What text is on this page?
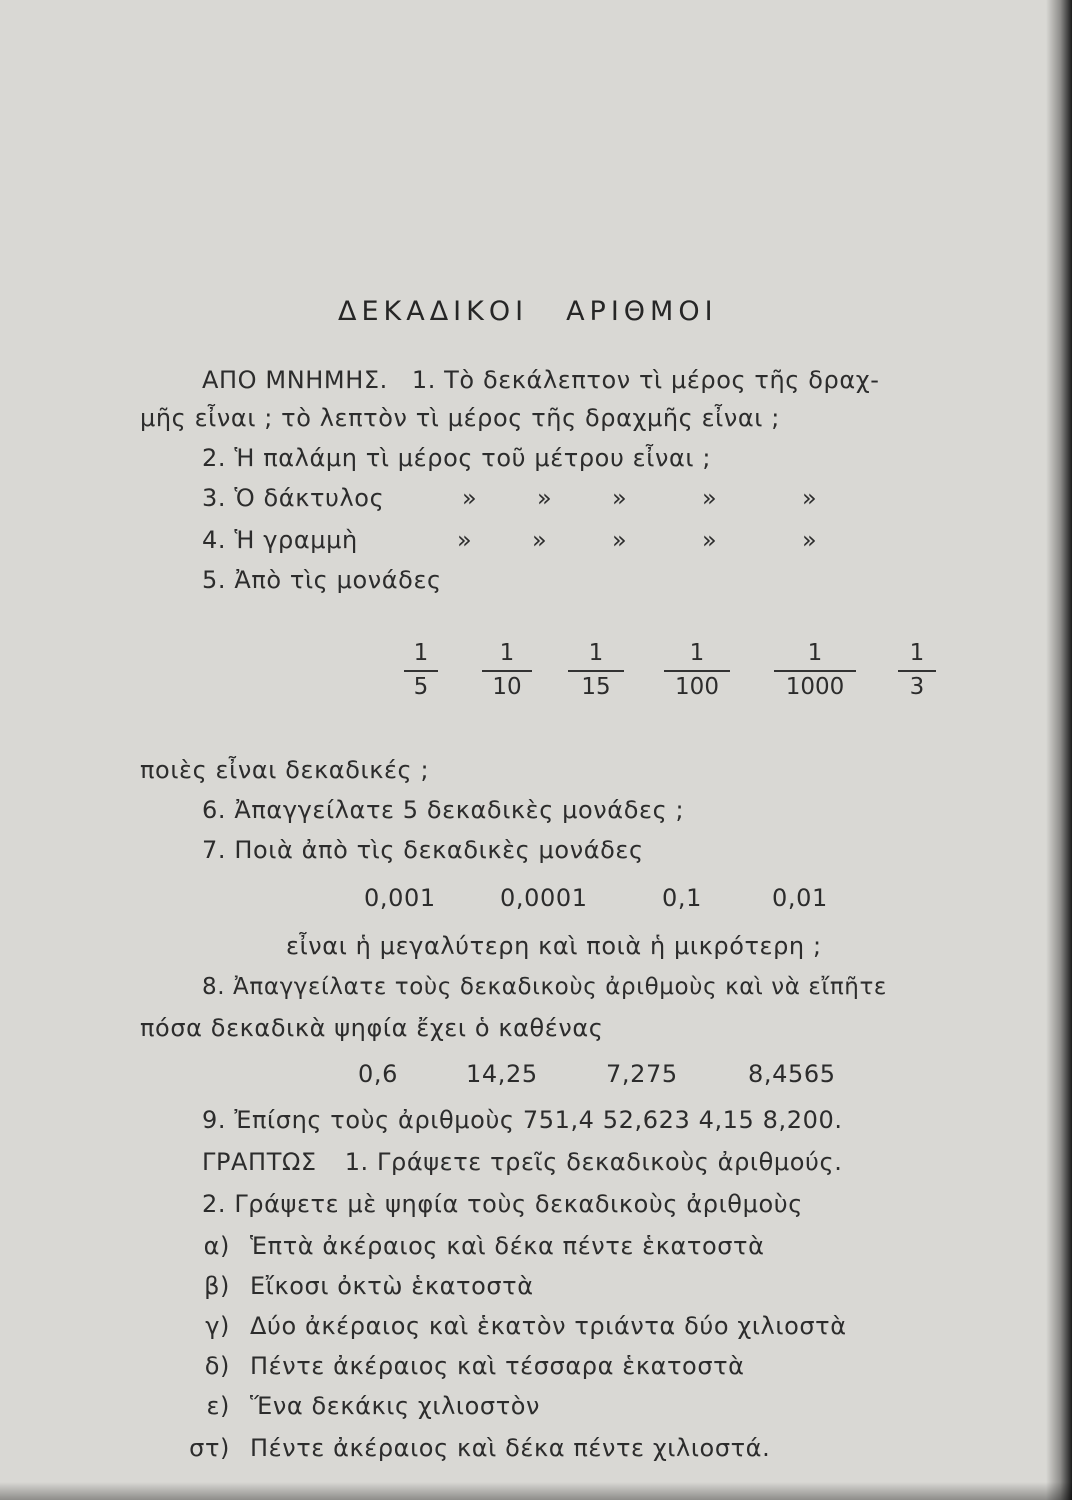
ΔΕΚΑΔΙΚΟΙ ΑΡΙΘΜΟΙ
ΑΠΟ ΜΝΗΜΗΣ. 1. Τὸ δεκάλεπτον τὶ μέρος τῆς δραχ-
μῆς εἶναι ; τὸ λεπτὸν τὶ μέρος τῆς δραχμῆς εἶναι ;
2. Ἡ παλάμη τὶ μέρος τοῦ μέτρου εἶναι ;
3. Ὁ δάκτυλος	» » »	»	»
4. Ἡ γραμμὴ	» »	»	»	»
5. Ἀπὸ τὶς μονάδες
1
5
1
10
1
15
1
100
1
1000
1
3
ποιὲς εἶναι δεκαδικές ;
6. Ἀπαγγείλατε 5 δεκαδικὲς μονάδες ;
7. Ποιὰ ἀπὸ τὶς δεκαδικὲς μονάδες
0,001	0,0001	0,1	0,01
εἶναι ἡ μεγαλύτερη καὶ ποιὰ ἡ μικρότερη ;
8. Ἀπαγγείλατε τοὺς δεκαδικοὺς ἀριθμοὺς καὶ νὰ εἴπῆτε
πόσα δεκαδικὰ ψηφία ἔχει ὁ καθένας
0,6	14,25	7,275	8,4565
9. Ἐπίσης τοὺς ἀριθμοὺς 751,4 52,623 4,15 8,200.
ΓΡΑΠΤΩΣ 1. Γράψετε τρεῖς δεκαδικοὺς ἀριθμούς.
2. Γράψετε μὲ ψηφία τοὺς δεκαδικοὺς ἀριθμοὺς
α) Ἑπτὰ ἀκέραιος καὶ δέκα πέντε ἑκατοστὰ
β) Εἴκοσι ὀκτὼ ἑκατοστὰ
γ) Δύο ἀκέραιος καὶ ἑκατὸν τριάντα δύο χιλιοστὰ
δ) Πέντε ἀκέραιος καὶ τέσσαρα ἑκατοστὰ
ε) Ἕνα δεκάκις χιλιοστὸν
στ) Πέντε ἀκέραιος καὶ δέκα πέντε χιλιοστά.
